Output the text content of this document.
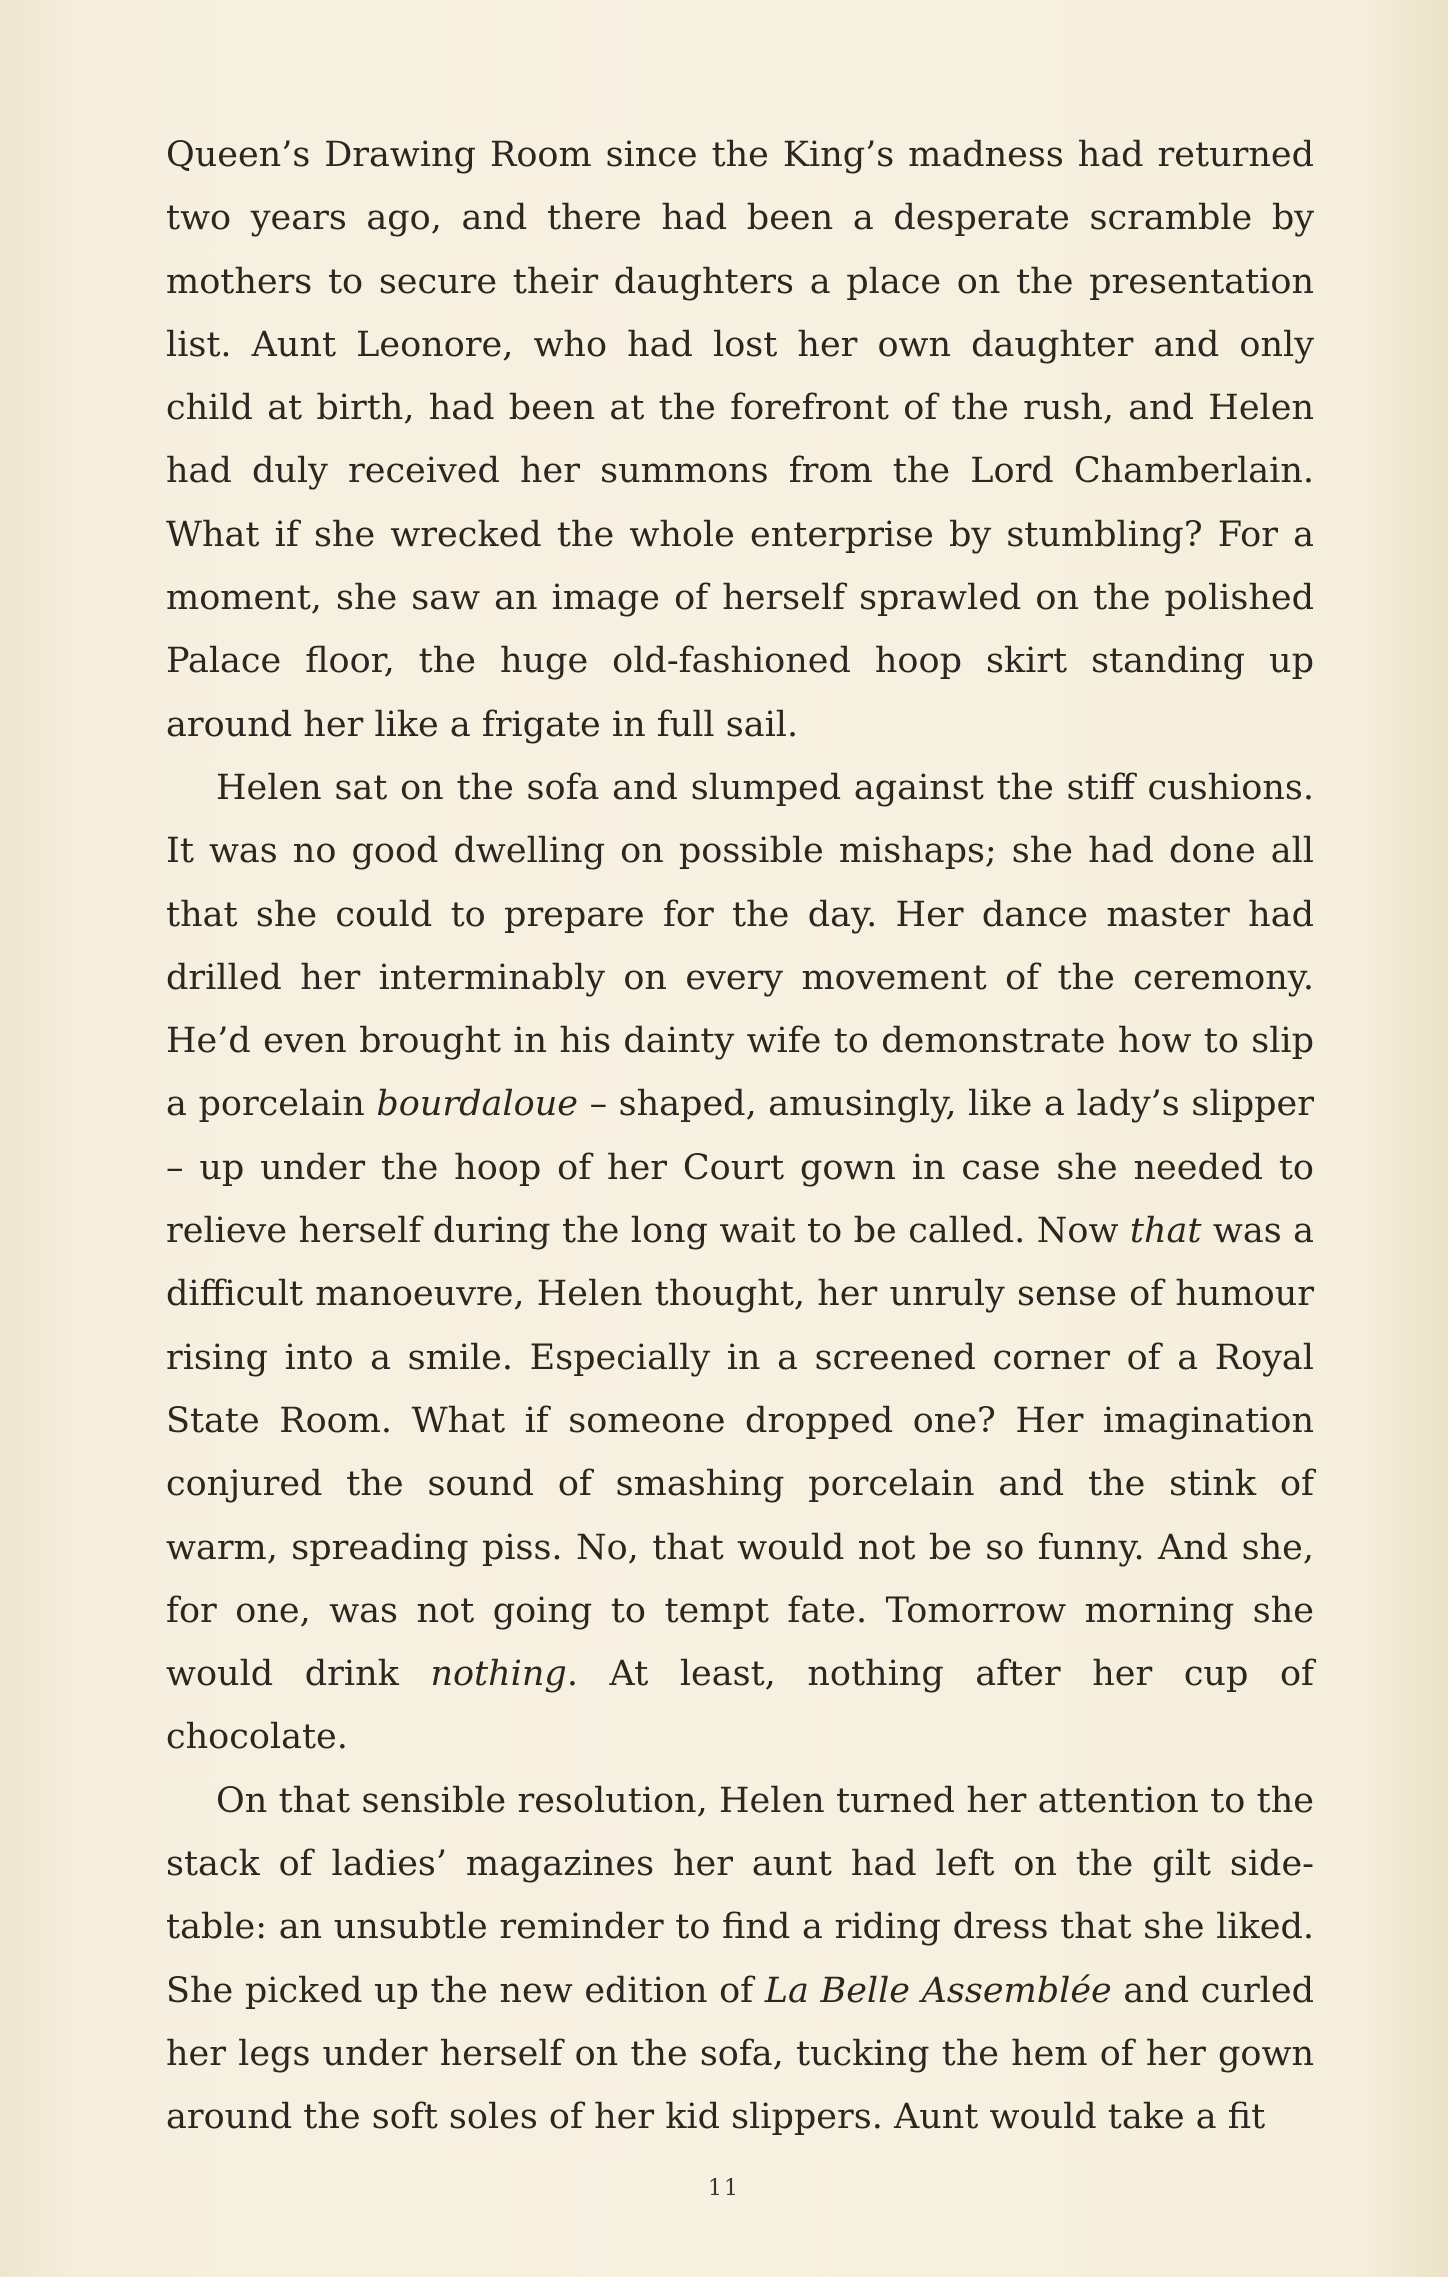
Queen’s Drawing Room since the King’s madness had returned two years ago, and there had been a desperate scramble by mothers to secure their daughters a place on the presentation list. Aunt Leonore, who had lost her own daughter and only child at birth, had been at the forefront of the rush, and Helen had duly received her summons from the Lord Chamberlain. What if she wrecked the whole enterprise by stumbling? For a moment, she saw an image of herself sprawled on the polished Palace floor, the huge old-fashioned hoop skirt standing up around her like a frigate in full sail.

Helen sat on the sofa and slumped against the stiff cushions. It was no good dwelling on possible mishaps; she had done all that she could to prepare for the day. Her dance master had drilled her interminably on every movement of the ceremony. He’d even brought in his dainty wife to demonstrate how to slip a porcelain bourdaloue – shaped, amusingly, like a lady’s slipper – up under the hoop of her Court gown in case she needed to relieve herself during the long wait to be called. Now that was a difficult manoeuvre, Helen thought, her unruly sense of humour rising into a smile. Especially in a screened corner of a Royal State Room. What if someone dropped one? Her imagination conjured the sound of smashing porcelain and the stink of warm, spreading piss. No, that would not be so funny. And she, for one, was not going to tempt fate. Tomorrow morning she would drink nothing. At least, nothing after her cup of chocolate.

On that sensible resolution, Helen turned her attention to the stack of ladies’ magazines her aunt had left on the gilt side-table: an unsubtle reminder to find a riding dress that she liked. She picked up the new edition of La Belle Assemblée and curled her legs under herself on the sofa, tucking the hem of her gown around the soft soles of her kid slippers. Aunt would take a fit

11
